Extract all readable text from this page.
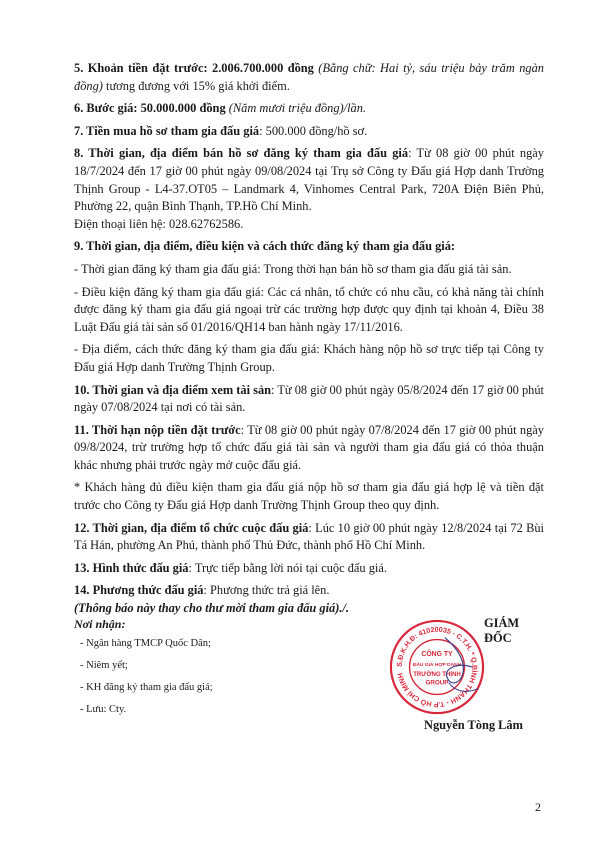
5. Khoản tiền đặt trước: 2.006.700.000 đồng (Bằng chữ: Hai tỷ, sáu triệu bảy trăm ngàn đồng) tương đương với 15% giá khởi điểm.

6. Bước giá: 50.000.000 đồng (Năm mươi triệu đồng)/lần.

7. Tiền mua hồ sơ tham gia đấu giá: 500.000 đồng/hồ sơ.

8. Thời gian, địa điểm bán hồ sơ đăng ký tham gia đấu giá: Từ 08 giờ 00 phút ngày 18/7/2024 đến 17 giờ 00 phút ngày 09/08/2024 tại Trụ sở Công ty Đấu giá Hợp danh Trường Thịnh Group - L4-37.OT05 – Landmark 4, Vinhomes Central Park, 720A Điện Biên Phủ, Phường 22, quận Bình Thạnh, TP.Hồ Chí Minh.

Điện thoại liên hệ: 028.62762586.

9. Thời gian, địa điểm, điều kiện và cách thức đăng ký tham gia đấu giá:

- Thời gian đăng ký tham gia đấu giá: Trong thời hạn bán hồ sơ tham gia đấu giá tài sản.

- Điều kiện đăng ký tham gia đấu giá: Các cá nhân, tổ chức có nhu cầu, có khả năng tài chính được đăng ký tham gia đấu giá ngoại trừ các trường hợp được quy định tại khoản 4, Điều 38 Luật Đấu giá tài sản số 01/2016/QH14 ban hành ngày 17/11/2016.

- Địa điểm, cách thức đăng ký tham gia đấu giá: Khách hàng nộp hồ sơ trực tiếp tại Công ty Đấu giá Hợp danh Trường Thịnh Group.

10. Thời gian và địa điểm xem tài sản: Từ 08 giờ 00 phút ngày 05/8/2024 đến 17 giờ 00 phút ngày 07/08/2024 tại nơi có tài sản.

11. Thời hạn nộp tiền đặt trước: Từ 08 giờ 00 phút ngày 07/8/2024 đến 17 giờ 00 phút ngày 09/8/2024, trừ trường hợp tổ chức đấu giá tài sản và người tham gia đấu giá có thỏa thuận khác nhưng phải trước ngày mở cuộc đấu giá.

* Khách hàng đủ điều kiện tham gia đấu giá nộp hồ sơ tham gia đấu giá hợp lệ và tiền đặt trước cho Công ty Đấu giá Hợp danh Trường Thịnh Group theo quy định.

12. Thời gian, địa điểm tổ chức cuộc đấu giá: Lúc 10 giờ 00 phút ngày 12/8/2024 tại 72 Bùi Tá Hán, phường An Phú, thành phố Thủ Đức, thành phố Hồ Chí Minh.

13. Hình thức đấu giá: Trực tiếp bằng lời nói tại cuộc đấu giá.

14. Phương thức đấu giá: Phương thức trả giá lên.

(Thông báo này thay cho thư mời tham gia đấu giá)./.

Nơi nhận:
- Ngân hàng TMCP Quốc Dân;
- Niêm yết;
- KH đăng ký tham gia đấu giá;
- Lưu: Cty.
GIÁM ĐỐC
S.Đ.K.H.Đ: 41020035 - C.T.H. * Q.BÌNH THẠNH - T.P HỒ CHÍ MINH
CÔNG TY
ĐẤU GIÁ HỢP DANH
TRƯỜNG THỊNH
GROUP
Nguyễn Tòng Lâm
2
